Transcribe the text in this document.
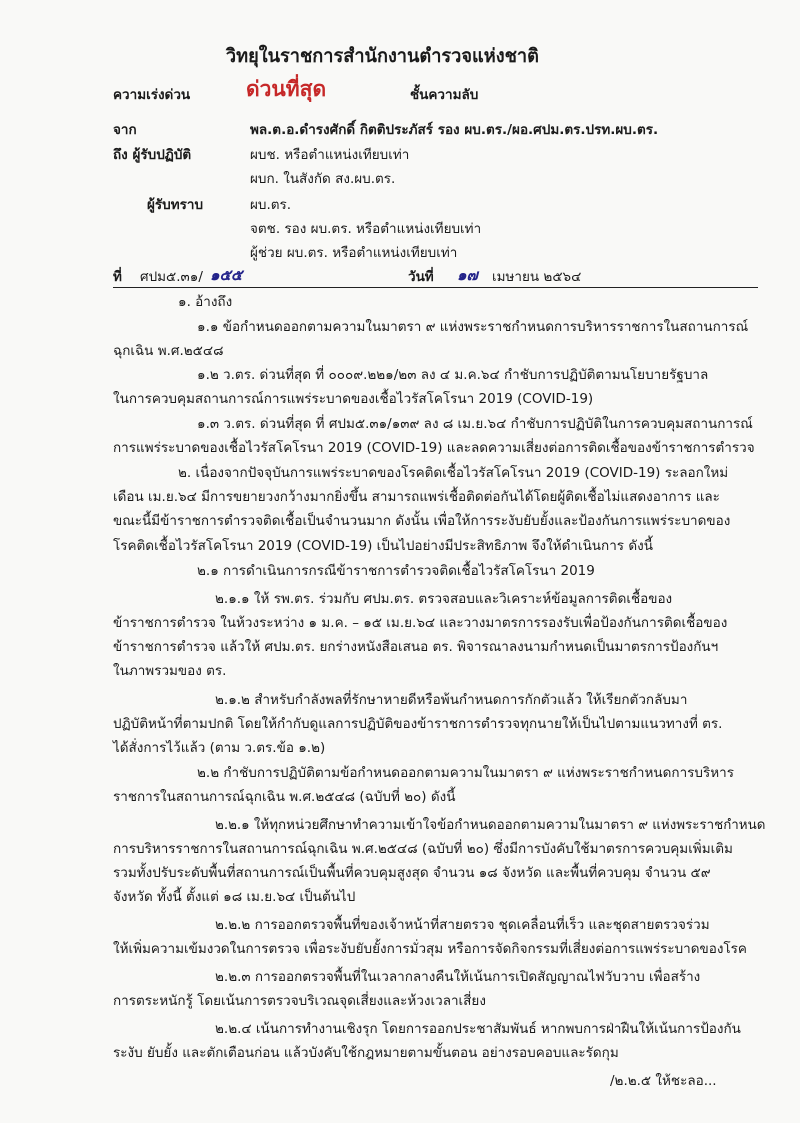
วิทยุในราชการสำนักงานตำรวจแห่งชาติ
ความเร่งด่วน	ด่วนที่สุด	ชั้นความลับ
จาก	พล.ต.อ.ดำรงศักดิ์ กิตติประภัสร์ รอง ผบ.ตร./ผอ.ศปม.ตร.ปรท.ผบ.ตร.
ถึง ผู้รับปฏิบัติ	ผบช. หรือตำแหน่งเทียบเท่า
ผบก. ในสังกัด สง.ผบ.ตร.
ผู้รับทราบ	ผบ.ตร.
จตช. รอง ผบ.ตร. หรือตำแหน่งเทียบเท่า
ผู้ช่วย ผบ.ตร. หรือตำแหน่งเทียบเท่า
ที่ ศปม๕.๓๑/ ๑๕๕	วันที่ ๑๗ เมษายน ๒๕๖๔
๑. อ้างถึง
๑.๑ ข้อกำหนดออกตามความในมาตรา ๙ แห่งพระราชกำหนดการบริหารราชการในสถานการณ์
ฉุกเฉิน พ.ศ.๒๕๔๘
๑.๒ ว.ตร. ด่วนที่สุด ที่ ๐๐๐๙.๒๒๑/๒๓ ลง ๔ ม.ค.๖๔ กำชับการปฏิบัติตามนโยบายรัฐบาล
ในการควบคุมสถานการณ์การแพร่ระบาดของเชื้อไวรัสโคโรนา 2019 (COVID-19)
๑.๓ ว.ตร. ด่วนที่สุด ที่ ศปม๕.๓๑/๑๓๙ ลง ๘ เม.ย.๖๔ กำชับการปฏิบัติในการควบคุมสถานการณ์
การแพร่ระบาดของเชื้อไวรัสโคโรนา 2019 (COVID-19) และลดความเสี่ยงต่อการติดเชื้อของข้าราชการตำรวจ
๒. เนื่องจากปัจจุบันการแพร่ระบาดของโรคติดเชื้อไวรัสโคโรนา 2019 (COVID-19) ระลอกใหม่
เดือน เม.ย.๖๔ มีการขยายวงกว้างมากยิ่งขึ้น สามารถแพร่เชื้อติดต่อกันได้โดยผู้ติดเชื้อไม่แสดงอาการ และ
ขณะนี้มีข้าราชการตำรวจติดเชื้อเป็นจำนวนมาก ดังนั้น เพื่อให้การระงับยับยั้งและป้องกันการแพร่ระบาดของ
โรคติดเชื้อไวรัสโคโรนา 2019 (COVID-19) เป็นไปอย่างมีประสิทธิภาพ จึงให้ดำเนินการ ดังนี้
๒.๑ การดำเนินการกรณีข้าราชการตำรวจติดเชื้อไวรัสโคโรนา 2019
๒.๑.๑ ให้ รพ.ตร. ร่วมกับ ศปม.ตร. ตรวจสอบและวิเคราะห์ข้อมูลการติดเชื้อของ
ข้าราชการตำรวจ ในห้วงระหว่าง ๑ ม.ค. – ๑๕ เม.ย.๖๔ และวางมาตรการรองรับเพื่อป้องกันการติดเชื้อของ
ข้าราชการตำรวจ แล้วให้ ศปม.ตร. ยกร่างหนังสือเสนอ ตร. พิจารณาลงนามกำหนดเป็นมาตรการป้องกันฯ
ในภาพรวมของ ตร.
๒.๑.๒ สำหรับกำลังพลที่รักษาหายดีหรือพ้นกำหนดการกักตัวแล้ว ให้เรียกตัวกลับมา
ปฏิบัติหน้าที่ตามปกติ โดยให้กำกับดูแลการปฏิบัติของข้าราชการตำรวจทุกนายให้เป็นไปตามแนวทางที่ ตร.
ได้สั่งการไว้แล้ว (ตาม ว.ตร.ข้อ ๑.๒)
๒.๒ กำชับการปฏิบัติตามข้อกำหนดออกตามความในมาตรา ๙ แห่งพระราชกำหนดการบริหาร
ราชการในสถานการณ์ฉุกเฉิน พ.ศ.๒๕๔๘ (ฉบับที่ ๒๐) ดังนี้
๒.๒.๑ ให้ทุกหน่วยศึกษาทำความเข้าใจข้อกำหนดออกตามความในมาตรา ๙ แห่งพระราชกำหนด
การบริหารราชการในสถานการณ์ฉุกเฉิน พ.ศ.๒๕๔๘ (ฉบับที่ ๒๐) ซึ่งมีการบังคับใช้มาตรการควบคุมเพิ่มเติม
รวมทั้งปรับระดับพื้นที่สถานการณ์เป็นพื้นที่ควบคุมสูงสุด จำนวน ๑๘ จังหวัด และพื้นที่ควบคุม จำนวน ๕๙
จังหวัด ทั้งนี้ ตั้งแต่ ๑๘ เม.ย.๖๔ เป็นต้นไป
๒.๒.๒ การออกตรวจพื้นที่ของเจ้าหน้าที่สายตรวจ ชุดเคลื่อนที่เร็ว และชุดสายตรวจร่วม
ให้เพิ่มความเข้มงวดในการตรวจ เพื่อระงับยับยั้งการมั่วสุม หรือการจัดกิจกรรมที่เสี่ยงต่อการแพร่ระบาดของโรค
๒.๒.๓ การออกตรวจพื้นที่ในเวลากลางคืนให้เน้นการเปิดสัญญาณไฟวับวาบ เพื่อสร้าง
การตระหนักรู้ โดยเน้นการตรวจบริเวณจุดเสี่ยงและห้วงเวลาเสี่ยง
๒.๒.๔ เน้นการทำงานเชิงรุก โดยการออกประชาสัมพันธ์ หากพบการฝ่าฝืนให้เน้นการป้องกัน
ระงับ ยับยั้ง และตักเตือนก่อน แล้วบังคับใช้กฎหมายตามขั้นตอน อย่างรอบคอบและรัดกุม
/๒.๒.๕ ให้ชะลอ...
